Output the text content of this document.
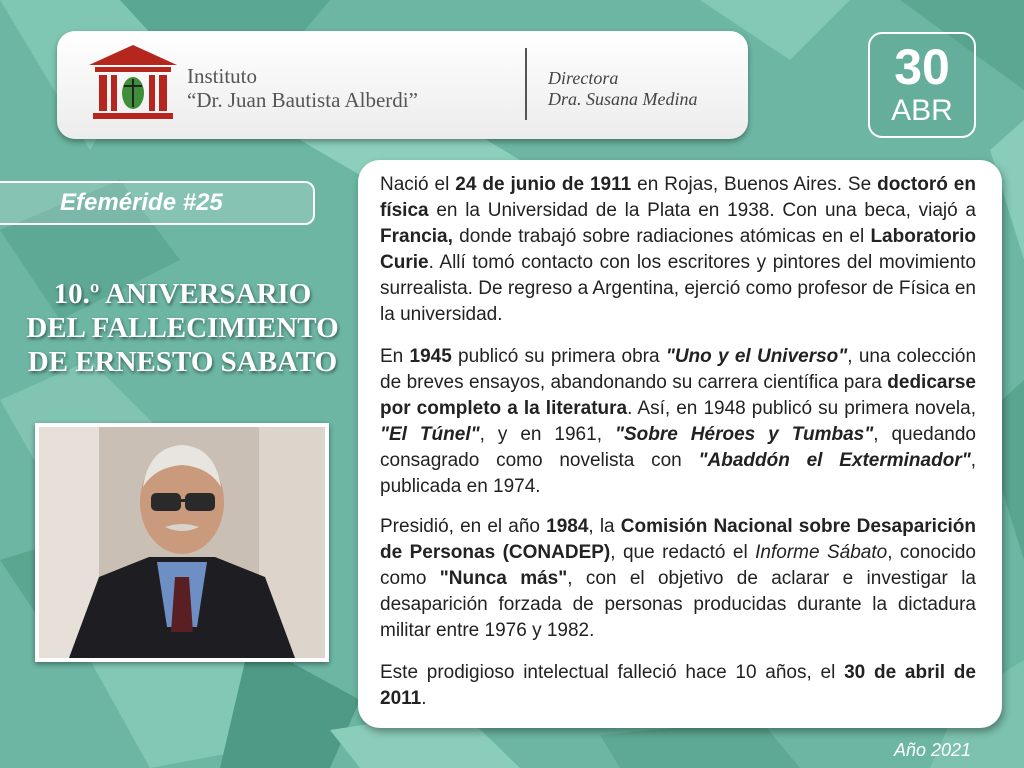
Instituto
“Dr. Juan Bautista Alberdi”
Directora
Dra. Susana Medina
30
ABR
Efeméride #25
10.º ANIVERSARIO
DEL FALLECIMIENTO
DE ERNESTO SABATO
Nació el 24 de junio de 1911 en Rojas, Buenos Aires. Se doctoró en física en la Universidad de la Plata en 1938. Con una beca, viajó a Francia, donde trabajó sobre radiaciones atómicas en el Laboratorio Curie. Allí tomó contacto con los escritores y pintores del movimiento surrealista. De regreso a Argentina, ejerció como profesor de Física en la universidad.
En 1945 publicó su primera obra "Uno y el Universo", una colección de breves ensayos, abandonando su carrera científica para dedicarse por completo a la literatura. Así, en 1948 publicó su primera novela, "El Túnel", y en 1961, "Sobre Héroes y Tumbas", quedando consagrado como novelista con "Abaddón el Exterminador", publicada en 1974.
Presidió, en el año 1984, la Comisión Nacional sobre Desaparición de Personas (CONADEP), que redactó el Informe Sábato, conocido como "Nunca más", con el objetivo de aclarar e investigar la desaparición forzada de personas producidas durante la dictadura militar entre 1976 y 1982.
Este prodigioso intelectual falleció hace 10 años, el 30 de abril de 2011.
Año 2021
